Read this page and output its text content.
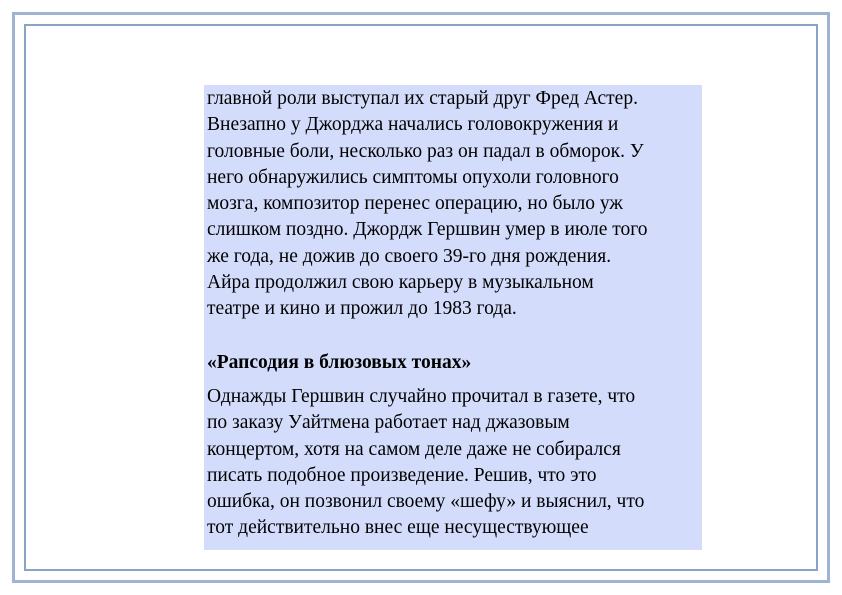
главной роли выступал их старый друг Фред Астер.
Внезапно у Джорджа начались головокружения и
головные боли, несколько раз он падал в обморок. У
него обнаружились симптомы опухоли головного
мозга, композитор перенес операцию, но было уж
слишком поздно. Джордж Гершвин умер в июле того
же года, не дожив до своего 39-го дня рождения.
Айра продолжил свою карьеру в музыкальном
театре и кино и прожил до 1983 года.

«Рапсодия в блюзовых тонах»

Однажды Гершвин случайно прочитал в газете, что
по заказу Уайтмена работает над джазовым
концертом, хотя на самом деле даже не собирался
писать подобное произведение. Решив, что это
ошибка, он позвонил своему «шефу» и выяснил, что
тот действительно внес еще несуществующее
